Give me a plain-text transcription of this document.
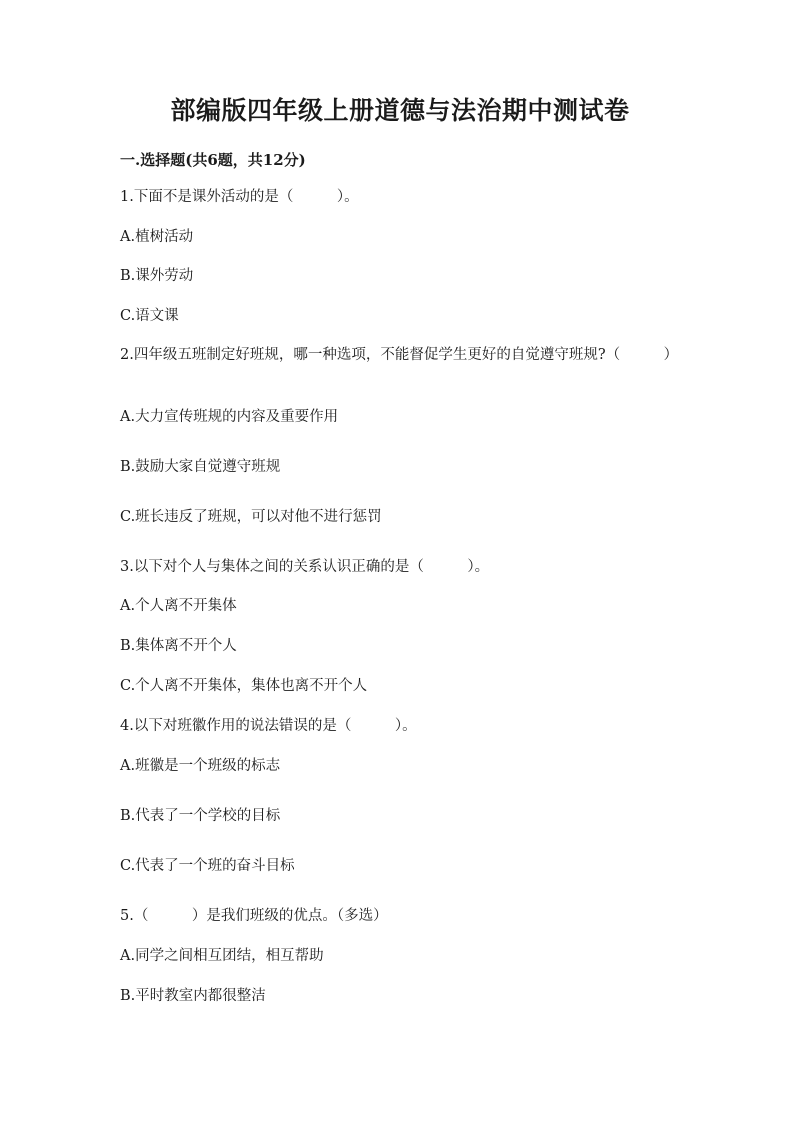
部编版四年级上册道德与法治期中测试卷
一.选择题(共6题，共12分)
1.下面不是课外活动的是（　　　）。
A.植树活动
B.课外劳动
C.语文课
2.四年级五班制定好班规，哪一种选项，不能督促学生更好的自觉遵守班规?（　　　）
A.大力宣传班规的内容及重要作用
B.鼓励大家自觉遵守班规
C.班长违反了班规，可以对他不进行惩罚
3.以下对个人与集体之间的关系认识正确的是（　　　）。
A.个人离不开集体
B.集体离不开个人
C.个人离不开集体，集体也离不开个人
4.以下对班徽作用的说法错误的是（　　　）。
A.班徽是一个班级的标志
B.代表了一个学校的目标
C.代表了一个班的奋斗目标
5.（　　　）是我们班级的优点。（多选）
A.同学之间相互团结，相互帮助
B.平时教室内都很整洁
